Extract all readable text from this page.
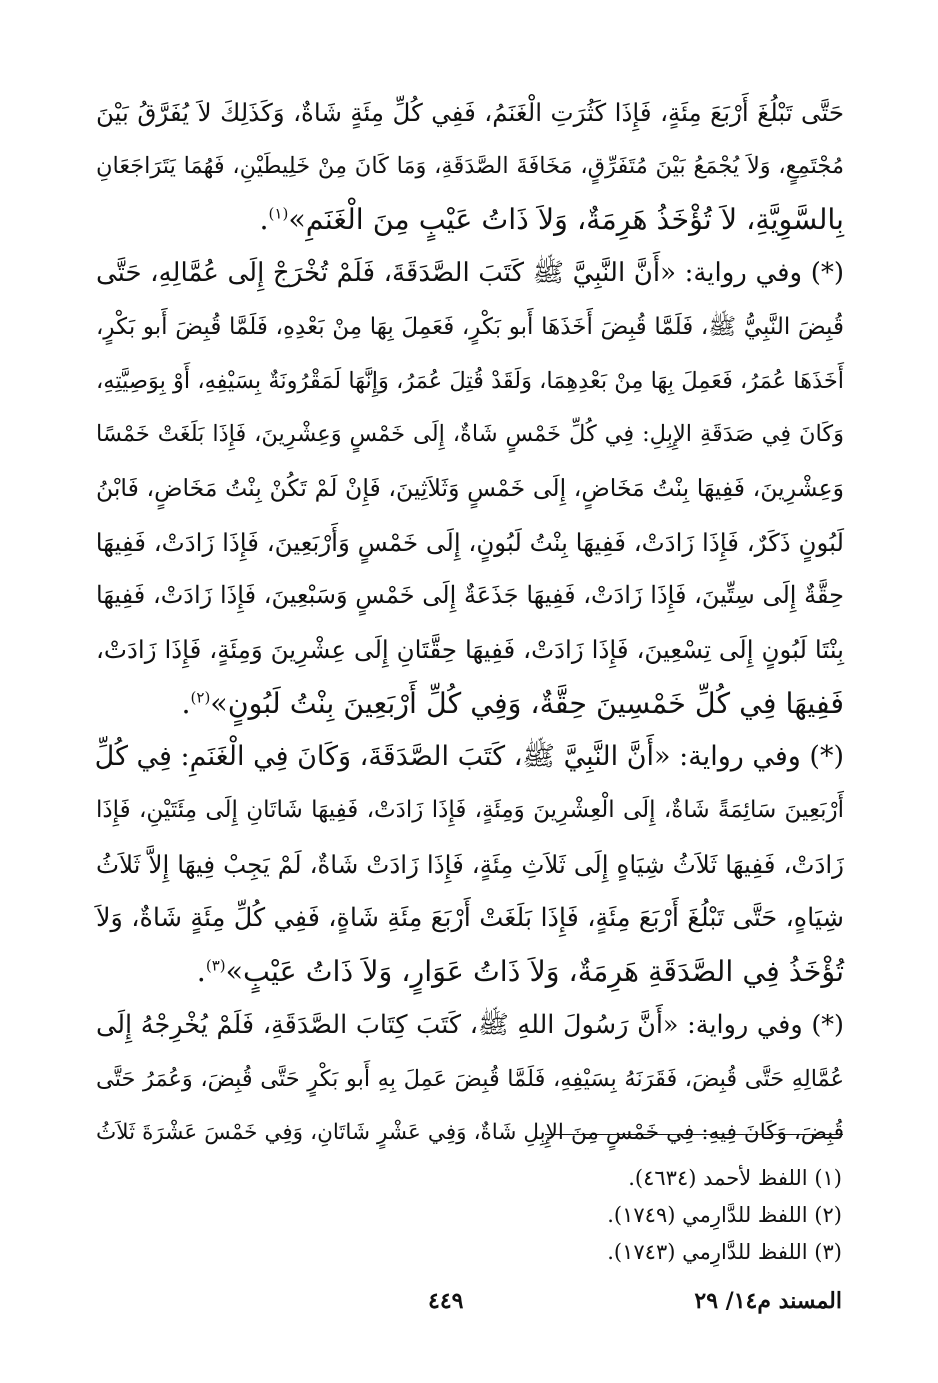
حَتَّى تَبْلُغَ أَرْبَعَ مِئَةٍ، فَإِذَا كَثُرَتِ الْغَنَمُ، فَفِي كُلِّ مِئَةٍ شَاةٌ، وَكَذَلِكَ لاَ يُفَرَّقُ بَيْنَ
مُجْتَمِعٍ، وَلاَ يُجْمَعُ بَيْنَ مُتَفَرِّقٍ، مَخَافَةَ الصَّدَقَةِ، وَمَا كَانَ مِنْ خَلِيطَيْنِ، فَهُمَا يَتَرَاجَعَانِ
بِالسَّوِيَّةِ، لاَ تُؤْخَذُ هَرِمَةٌ، وَلاَ ذَاتُ عَيْبٍ مِنَ الْغَنَمِ»$^{(١)}$.

(*) وفي رواية: «أَنَّ النَّبِيَّ ﷺ كَتَبَ الصَّدَقَةَ، فَلَمْ تُخْرَجْ إِلَى عُمَّالِهِ، حَتَّى
قُبِضَ النَّبِيُّ ﷺ، فَلَمَّا قُبِضَ أَخَذَهَا أَبو بَكْرٍ، فَعَمِلَ بِهَا مِنْ بَعْدِهِ، فَلَمَّا قُبِضَ أَبو بَكْرٍ،
أَخَذَهَا عُمَرُ، فَعَمِلَ بِهَا مِنْ بَعْدِهِمَا، وَلَقَدْ قُتِلَ عُمَرُ، وَإِنَّهَا لَمَقْرُونَةٌ بِسَيْفِهِ، أَوْ بِوَصِيَّتِهِ،
وَكَانَ فِي صَدَقَةِ الإِبِلِ: فِي كُلِّ خَمْسٍ شَاةٌ، إِلَى خَمْسٍ وَعِشْرِينَ، فَإِذَا بَلَغَتْ خَمْسًا
وَعِشْرِينَ، فَفِيهَا بِنْتُ مَخَاضٍ، إِلَى خَمْسٍ وَثَلاَثِينَ، فَإِنْ لَمْ تَكُنْ بِنْتُ مَخَاضٍ، فَابْنُ
لَبُونٍ ذَكَرٌ، فَإِذَا زَادَتْ، فَفِيهَا بِنْتُ لَبُونٍ، إِلَى خَمْسٍ وَأَرْبَعِينَ، فَإِذَا زَادَتْ، فَفِيهَا
حِقَّةٌ إِلَى سِتِّينَ، فَإِذَا زَادَتْ، فَفِيهَا جَذَعَةٌ إِلَى خَمْسٍ وَسَبْعِينَ، فَإِذَا زَادَتْ، فَفِيهَا
بِنْتَا لَبُونٍ إِلَى تِسْعِينَ، فَإِذَا زَادَتْ، فَفِيهَا حِقَّتَانِ إِلَى عِشْرِينَ وَمِئَةٍ، فَإِذَا زَادَتْ،
فَفِيهَا فِي كُلِّ خَمْسِينَ حِقَّةٌ، وَفِي كُلِّ أَرْبَعِينَ بِنْتُ لَبُونٍ»$^{(٢)}$.

(*) وفي رواية: «أَنَّ النَّبِيَّ ﷺ، كَتَبَ الصَّدَقَةَ، وَكَانَ فِي الْغَنَمِ: فِي كُلِّ
أَرْبَعِينَ سَائِمَةً شَاةٌ، إِلَى الْعِشْرِينَ وَمِئَةٍ، فَإِذَا زَادَتْ، فَفِيهَا شَاتَانِ إِلَى مِئَتَيْنِ، فَإِذَا
زَادَتْ، فَفِيهَا ثَلاَثُ شِيَاهٍ إِلَى ثَلاَثِ مِئَةٍ، فَإِذَا زَادَتْ شَاةٌ، لَمْ يَجِبْ فِيهَا إِلاَّ ثَلاَثُ
شِيَاهٍ، حَتَّى تَبْلُغَ أَرْبَعَ مِئَةٍ، فَإِذَا بَلَغَتْ أَرْبَعَ مِئَةِ شَاةٍ، فَفِي كُلِّ مِئَةٍ شَاةٌ، وَلاَ
تُؤْخَذُ فِي الصَّدَقَةِ هَرِمَةٌ، وَلاَ ذَاتُ عَوَارٍ، وَلاَ ذَاتُ عَيْبٍ»$^{(٣)}$.

(*) وفي رواية: «أَنَّ رَسُولَ اللهِ ﷺ، كَتَبَ كِتَابَ الصَّدَقَةِ، فَلَمْ يُخْرِجْهُ إِلَى
عُمَّالِهِ حَتَّى قُبِضَ، فَقَرَنَهُ بِسَيْفِهِ، فَلَمَّا قُبِضَ عَمِلَ بِهِ أَبو بَكْرٍ حَتَّى قُبِضَ، وَعُمَرُ حَتَّى
قُبِضَ، وَكَانَ فِيهِ: فِي خَمْسٍ مِنَ الإِبِلِ شَاةٌ، وَفِي عَشْرٍ شَاتَانِ، وَفِي خَمْسَ عَشْرَةَ ثَلاَثُ

(١) اللفظ لأحمد (٤٦٣٤).
(٢) اللفظ للدَّارِمي (١٧٤٩).
(٣) اللفظ للدَّارِمي (١٧٤٣).
المسند م١٤/ ٢٩
٤٤٩
